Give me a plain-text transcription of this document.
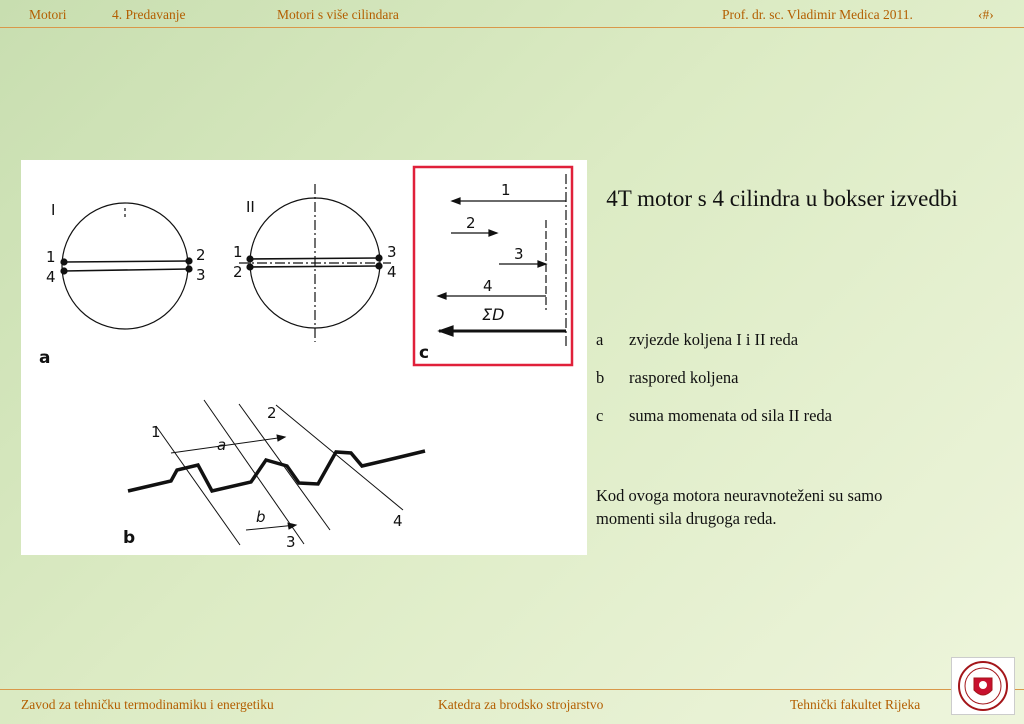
Motori	4. Predavanje	Motori s više cilindara	Prof. dr. sc. Vladimir Medica 2011.	‹#›
I	II
1
4
2
3
1
2
3
4
a
1
2
3
4
ΣD
c
1
2
3
4
a
b
b
4T motor s 4 cilindra u bokser izvedbi
a zvjezde koljena I i II reda
b raspored koljena
c suma momenata od sila II reda
Kod ovoga motora neuravnoteženi su samo momenti sila drugoga reda.
Zavod za tehničku termodinamiku i energetiku	Katedra za brodsko strojarstvo	Tehnički fakultet Rijeka
